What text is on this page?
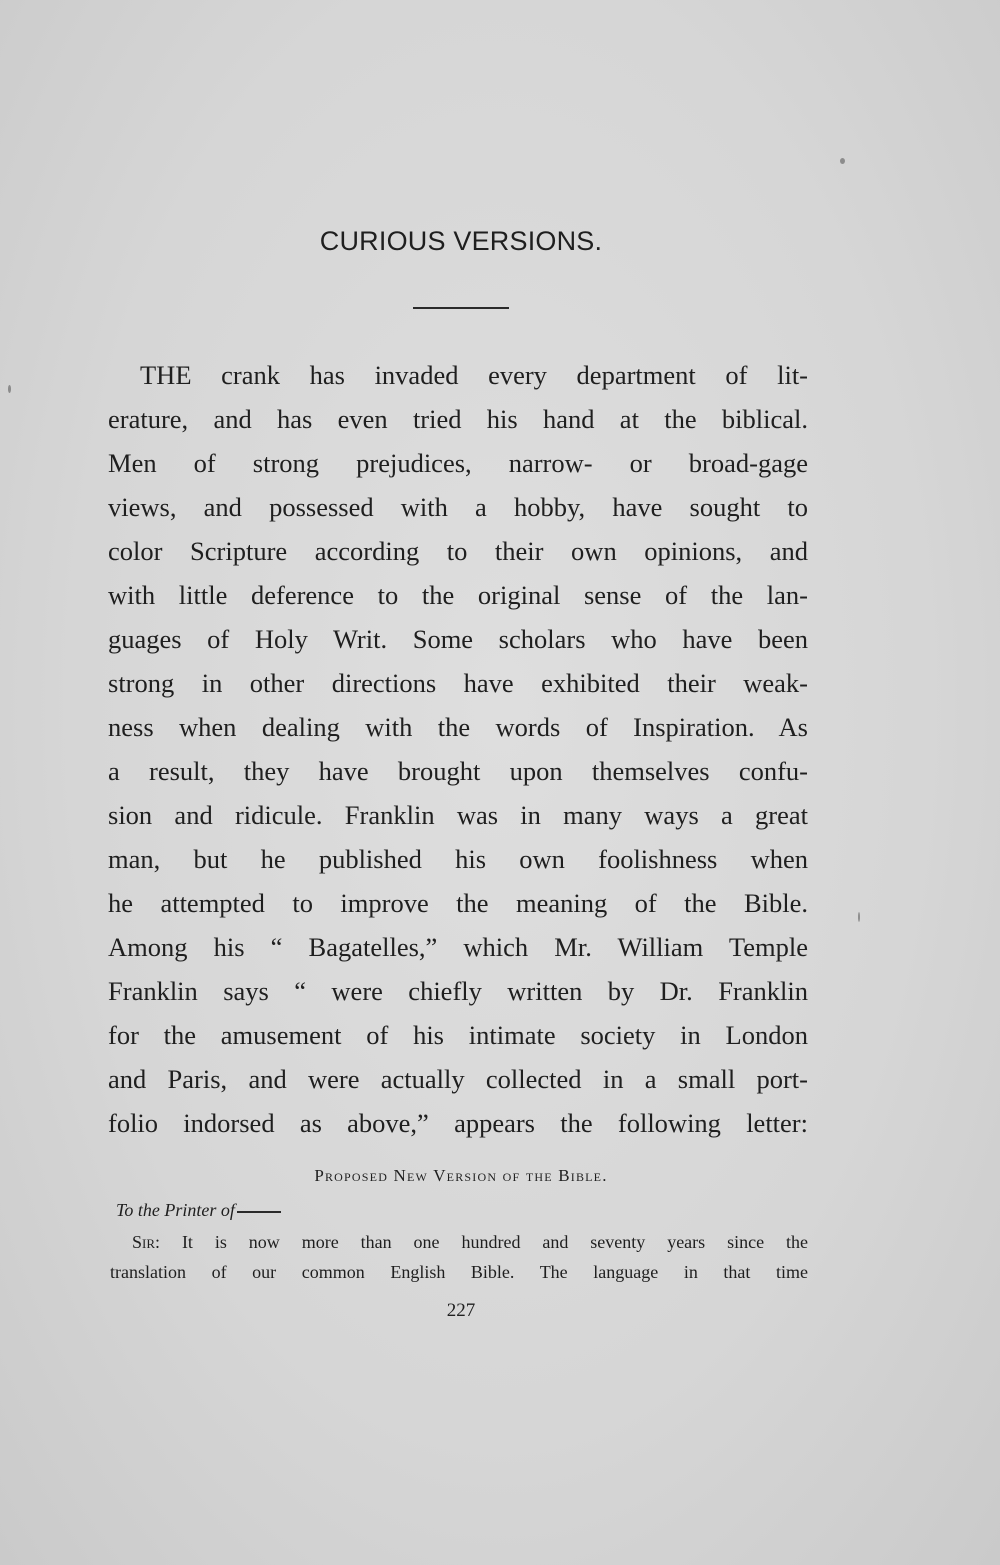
CURIOUS VERSIONS.
THE crank has invaded every department of lit-
erature, and has even tried his hand at the biblical.
Men of strong prejudices, narrow- or broad-gage
views, and possessed with a hobby, have sought to
color Scripture according to their own opinions, and
with little deference to the original sense of the lan-
guages of Holy Writ. Some scholars who have been
strong in other directions have exhibited their weak-
ness when dealing with the words of Inspiration. As
a result, they have brought upon themselves confu-
sion and ridicule. Franklin was in many ways a great
man, but he published his own foolishness when
he attempted to improve the meaning of the Bible.
Among his “ Bagatelles,” which Mr. William Temple
Franklin says “ were chiefly written by Dr. Franklin
for the amusement of his intimate society in London
and Paris, and were actually collected in a small port-
folio indorsed as above,” appears the following letter:
Proposed New Version of the Bible.
To the Printer of
Sir: It is now more than one hundred and seventy years since the
translation of our common English Bible. The language in that time
227
